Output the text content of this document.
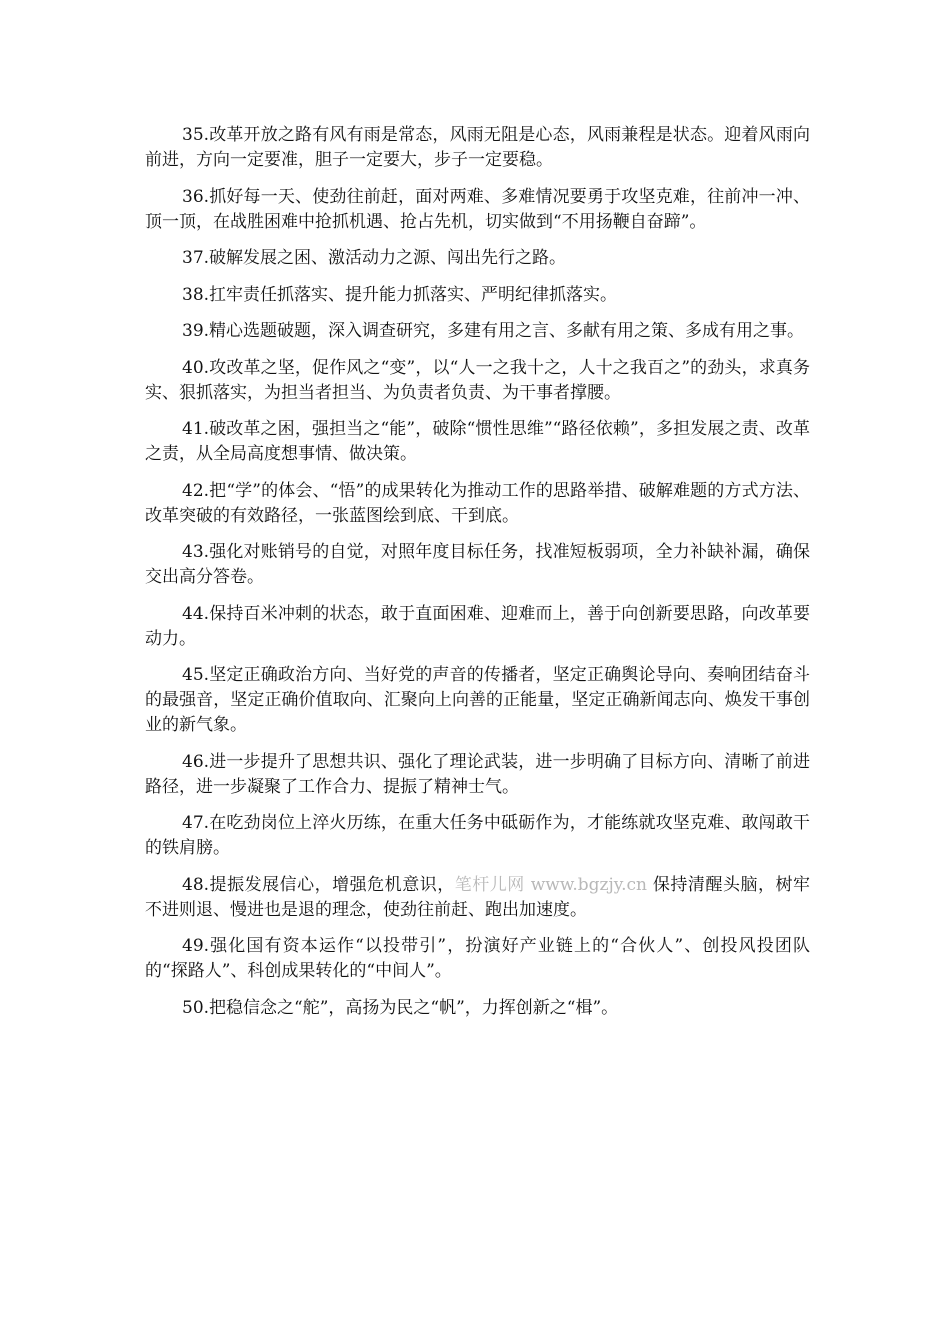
35.改革开放之路有风有雨是常态，风雨无阻是心态，风雨兼程是状态。迎着风雨向前进，方向一定要准，胆子一定要大，步子一定要稳。

36.抓好每一天、使劲往前赶，面对两难、多难情况要勇于攻坚克难，往前冲一冲、顶一顶，在战胜困难中抢抓机遇、抢占先机，切实做到“不用扬鞭自奋蹄”。

37.破解发展之困、激活动力之源、闯出先行之路。

38.扛牢责任抓落实、提升能力抓落实、严明纪律抓落实。

39.精心选题破题，深入调查研究，多建有用之言、多献有用之策、多成有用之事。

40.攻改革之坚，促作风之“变”，以“人一之我十之，人十之我百之”的劲头，求真务实、狠抓落实，为担当者担当、为负责者负责、为干事者撑腰。

41.破改革之困，强担当之“能”，破除“惯性思维”“路径依赖”，多担发展之责、改革之责，从全局高度想事情、做决策。

42.把“学”的体会、“悟”的成果转化为推动工作的思路举措、破解难题的方式方法、改革突破的有效路径，一张蓝图绘到底、干到底。

43.强化对账销号的自觉，对照年度目标任务，找准短板弱项，全力补缺补漏，确保交出高分答卷。

44.保持百米冲刺的状态，敢于直面困难、迎难而上，善于向创新要思路，向改革要动力。

45.坚定正确政治方向、当好党的声音的传播者，坚定正确舆论导向、奏响团结奋斗的最强音，坚定正确价值取向、汇聚向上向善的正能量，坚定正确新闻志向、焕发干事创业的新气象。

46.进一步提升了思想共识、强化了理论武装，进一步明确了目标方向、清晰了前进路径，进一步凝聚了工作合力、提振了精神士气。

47.在吃劲岗位上淬火历练，在重大任务中砥砺作为，才能练就攻坚克难、敢闯敢干的铁肩膀。

48.提振发展信心，增强危机意识，笔杆儿网 www.bgzjy.cn 保持清醒头脑，树牢不进则退、慢进也是退的理念，使劲往前赶、跑出加速度。

49.强化国有资本运作“以投带引”，扮演好产业链上的“合伙人”、创投风投团队的“探路人”、科创成果转化的“中间人”。

50.把稳信念之“舵”，高扬为民之“帆”，力挥创新之“楫”。
